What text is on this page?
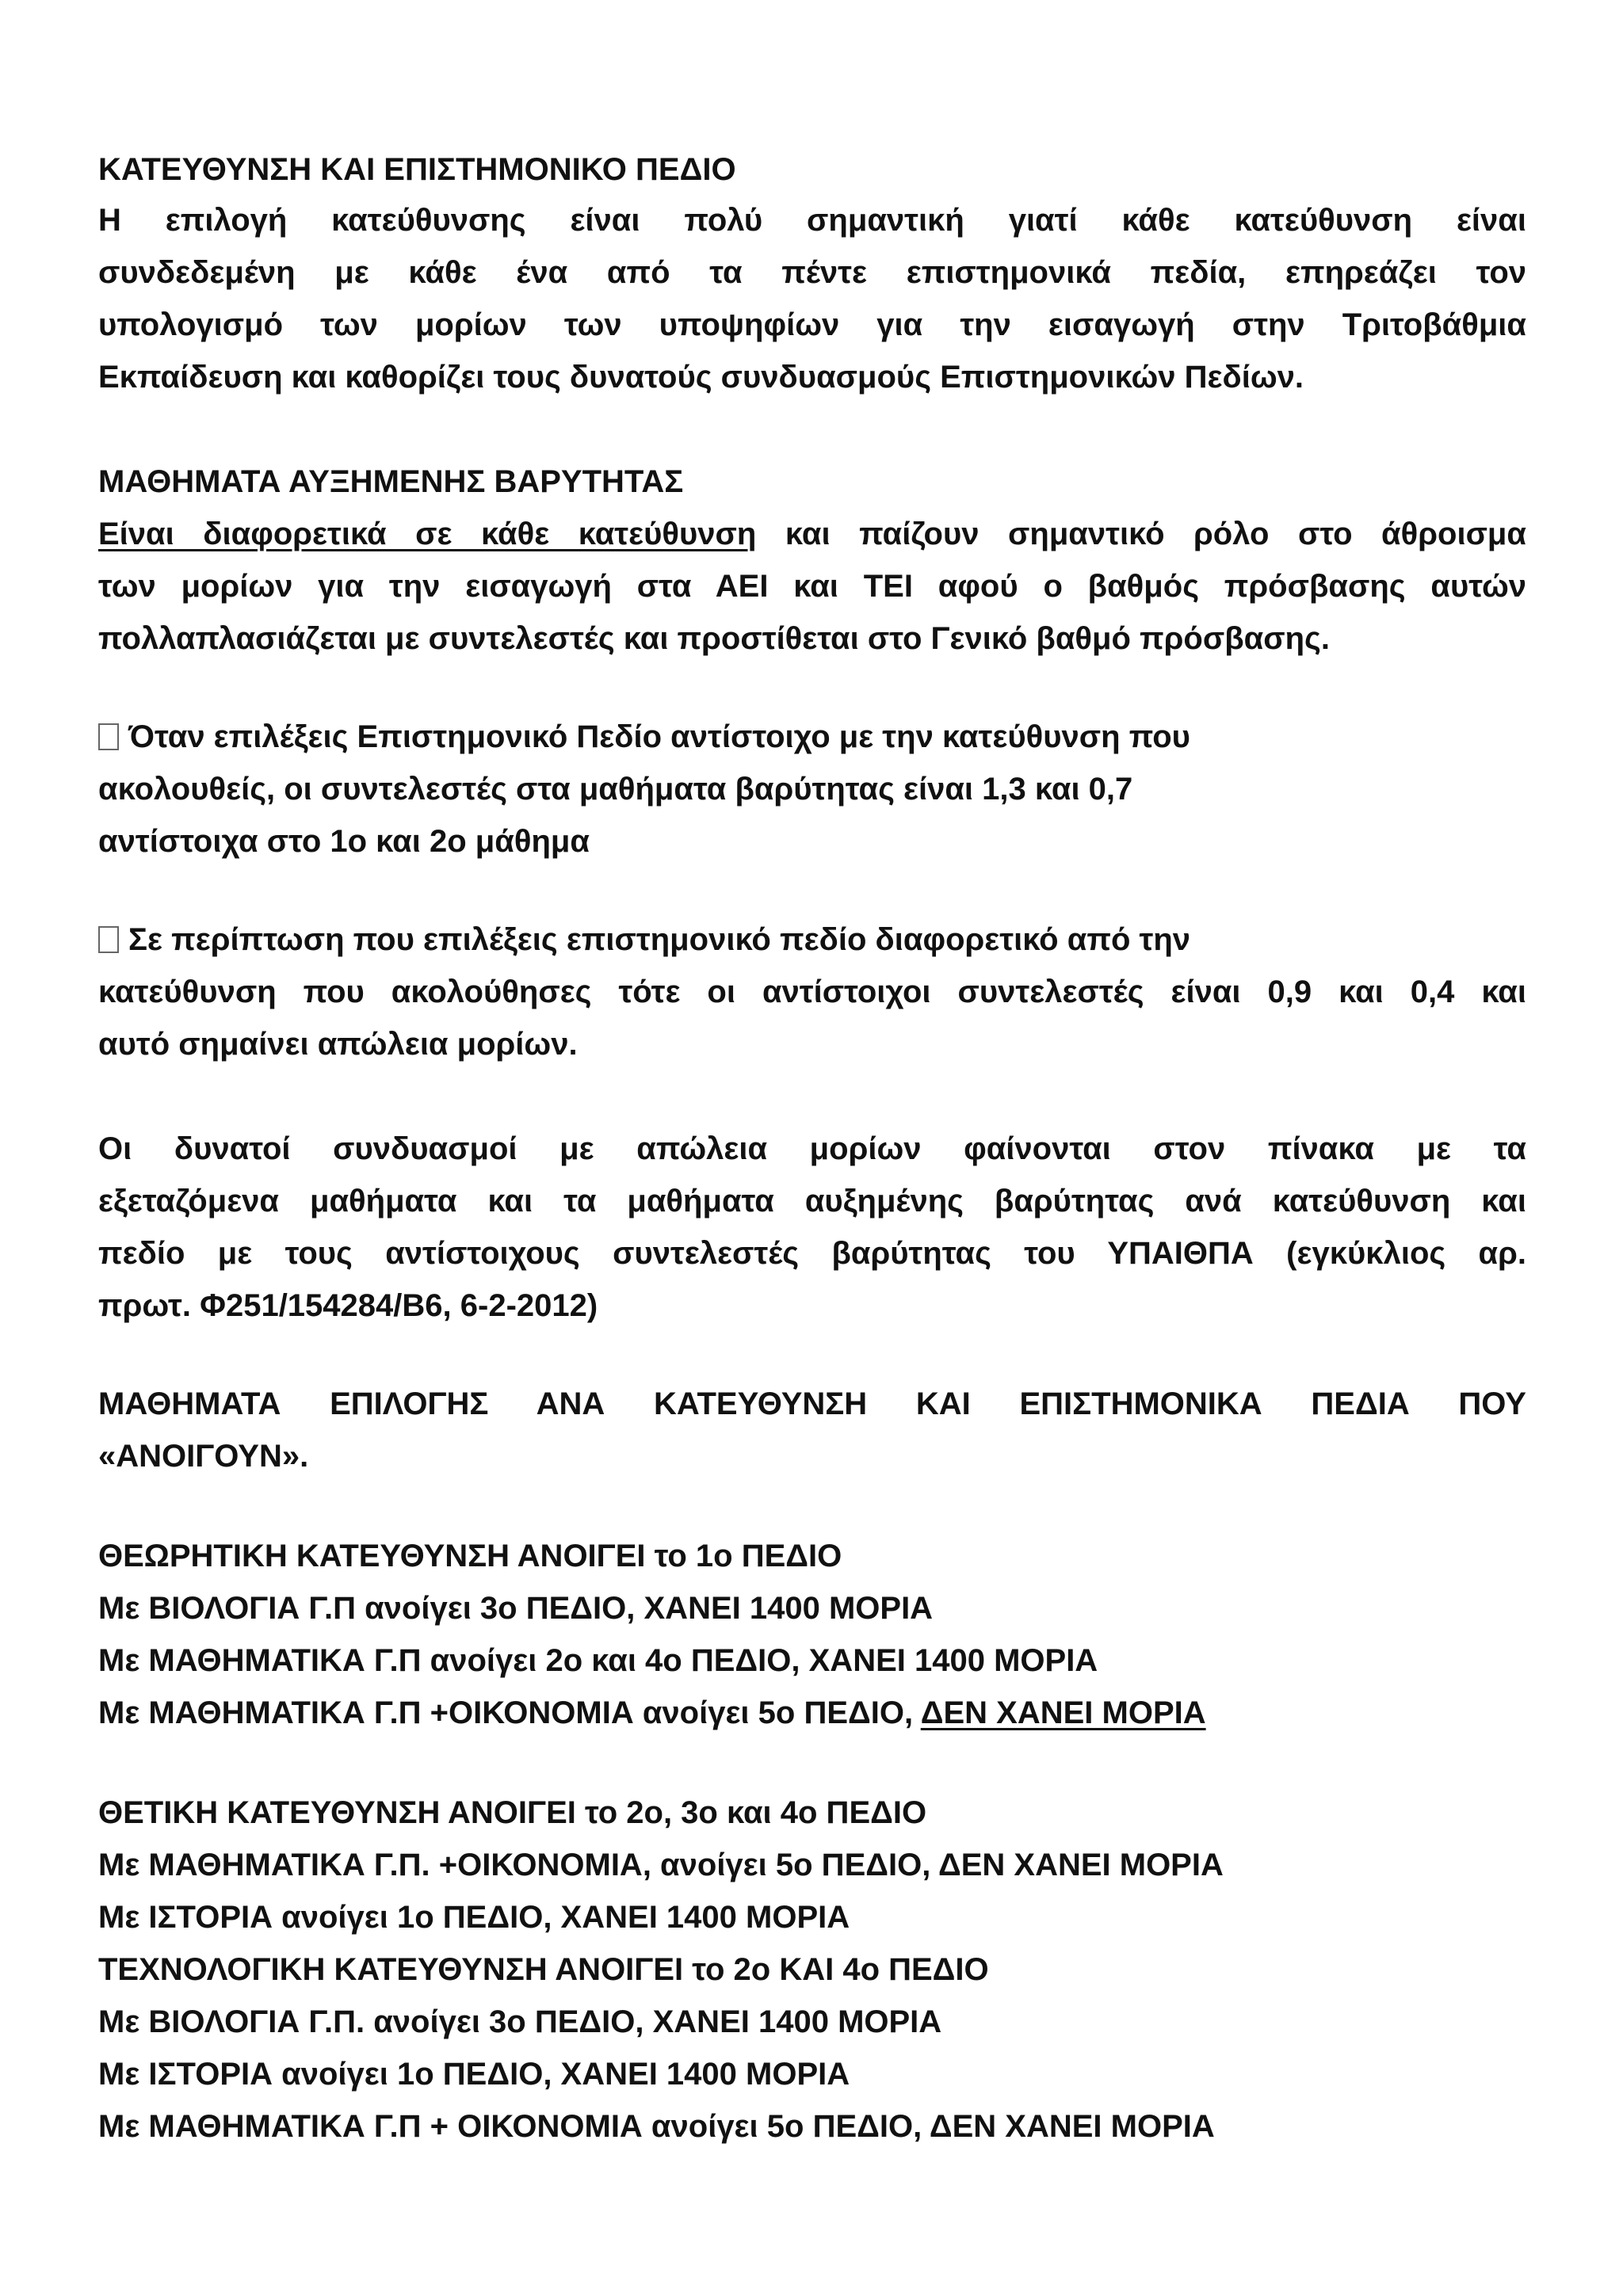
ΚΑΤΕΥΘΥΝΣΗ ΚΑΙ ΕΠΙΣΤΗΜΟΝΙΚΟ ΠΕΔΙΟ
Η επιλογή κατεύθυνσης είναι πολύ σημαντική γιατί κάθε κατεύθυνση είναι
συνδεδεμένη με κάθε ένα από τα πέντε επιστημονικά πεδία, επηρεάζει τον
υπολογισμό των μορίων των υποψηφίων για την εισαγωγή στην Τριτοβάθμια
Εκπαίδευση και καθορίζει τους δυνατούς συνδυασμούς Επιστημονικών Πεδίων.
ΜΑΘΗΜΑΤΑ ΑΥΞΗΜΕΝΗΣ ΒΑΡΥΤΗΤΑΣ
Είναι διαφορετικά σε κάθε κατεύθυνση και παίζουν σημαντικό ρόλο στο άθροισμα
των μορίων για την εισαγωγή στα ΑΕΙ και ΤΕΙ αφού ο βαθμός πρόσβασης αυτών
πολλαπλασιάζεται με συντελεστές και προστίθεται στο Γενικό βαθμό πρόσβασης.
Όταν επιλέξεις Επιστημονικό Πεδίο αντίστοιχο με την κατεύθυνση που
ακολουθείς, οι συντελεστές στα μαθήματα βαρύτητας είναι 1,3 και 0,7
αντίστοιχα στο 1ο και 2ο μάθημα
Σε περίπτωση που επιλέξεις επιστημονικό πεδίο διαφορετικό από την
κατεύθυνση που ακολούθησες τότε οι αντίστοιχοι συντελεστές είναι 0,9 και 0,4 και
αυτό σημαίνει απώλεια μορίων.
Οι δυνατοί συνδυασμοί με απώλεια μορίων φαίνονται στον πίνακα με τα
εξεταζόμενα μαθήματα και τα μαθήματα αυξημένης βαρύτητας ανά κατεύθυνση και
πεδίο με τους αντίστοιχους συντελεστές βαρύτητας του ΥΠΑΙΘΠΑ (εγκύκλιος αρ.
πρωτ. Φ251/154284/Β6, 6-2-2012)
ΜΑΘΗΜΑΤΑ ΕΠΙΛΟΓΗΣ ΑΝΑ ΚΑΤΕΥΘΥΝΣΗ ΚΑΙ ΕΠΙΣΤΗΜΟΝΙΚΑ ΠΕΔΙΑ ΠΟΥ
«ΑΝΟΙΓΟΥΝ».
ΘΕΩΡΗΤΙΚΗ ΚΑΤΕΥΘΥΝΣΗ ΑΝΟΙΓΕΙ το 1ο ΠΕΔΙΟ
Με ΒΙΟΛΟΓΙΑ Γ.Π ανοίγει 3ο ΠΕΔΙΟ, ΧΑΝΕΙ 1400 ΜΟΡΙΑ
Με ΜΑΘΗΜΑΤΙΚΑ Γ.Π ανοίγει 2ο και 4ο ΠΕΔΙΟ, ΧΑΝΕΙ 1400 ΜΟΡΙΑ
Με ΜΑΘΗΜΑΤΙΚΑ Γ.Π +ΟΙΚΟΝΟΜΙΑ ανοίγει 5ο ΠΕΔΙΟ, ΔΕΝ ΧΑΝΕΙ ΜΟΡΙΑ
ΘΕΤΙΚΗ ΚΑΤΕΥΘΥΝΣΗ ΑΝΟΙΓΕΙ το 2ο, 3ο και 4ο ΠΕΔΙΟ
Με ΜΑΘΗΜΑΤΙΚΑ Γ.Π. +ΟΙΚΟΝΟΜΙΑ, ανοίγει 5ο ΠΕΔΙΟ, ΔΕΝ ΧΑΝΕΙ ΜΟΡΙΑ
Με ΙΣΤΟΡΙΑ ανοίγει 1ο ΠΕΔΙΟ, ΧΑΝΕΙ 1400 ΜΟΡΙΑ
ΤΕΧΝΟΛΟΓΙΚΗ ΚΑΤΕΥΘΥΝΣΗ ΑΝΟΙΓΕΙ το 2ο ΚΑΙ 4ο ΠΕΔΙΟ
Με ΒΙΟΛΟΓΙΑ Γ.Π. ανοίγει 3ο ΠΕΔΙΟ, ΧΑΝΕΙ 1400 ΜΟΡΙΑ
Με ΙΣΤΟΡΙΑ ανοίγει 1ο ΠΕΔΙΟ, ΧΑΝΕΙ 1400 ΜΟΡΙΑ
Με ΜΑΘΗΜΑΤΙΚΑ Γ.Π + ΟΙΚΟΝΟΜΙΑ ανοίγει 5ο ΠΕΔΙΟ, ΔΕΝ ΧΑΝΕΙ ΜΟΡΙΑ
